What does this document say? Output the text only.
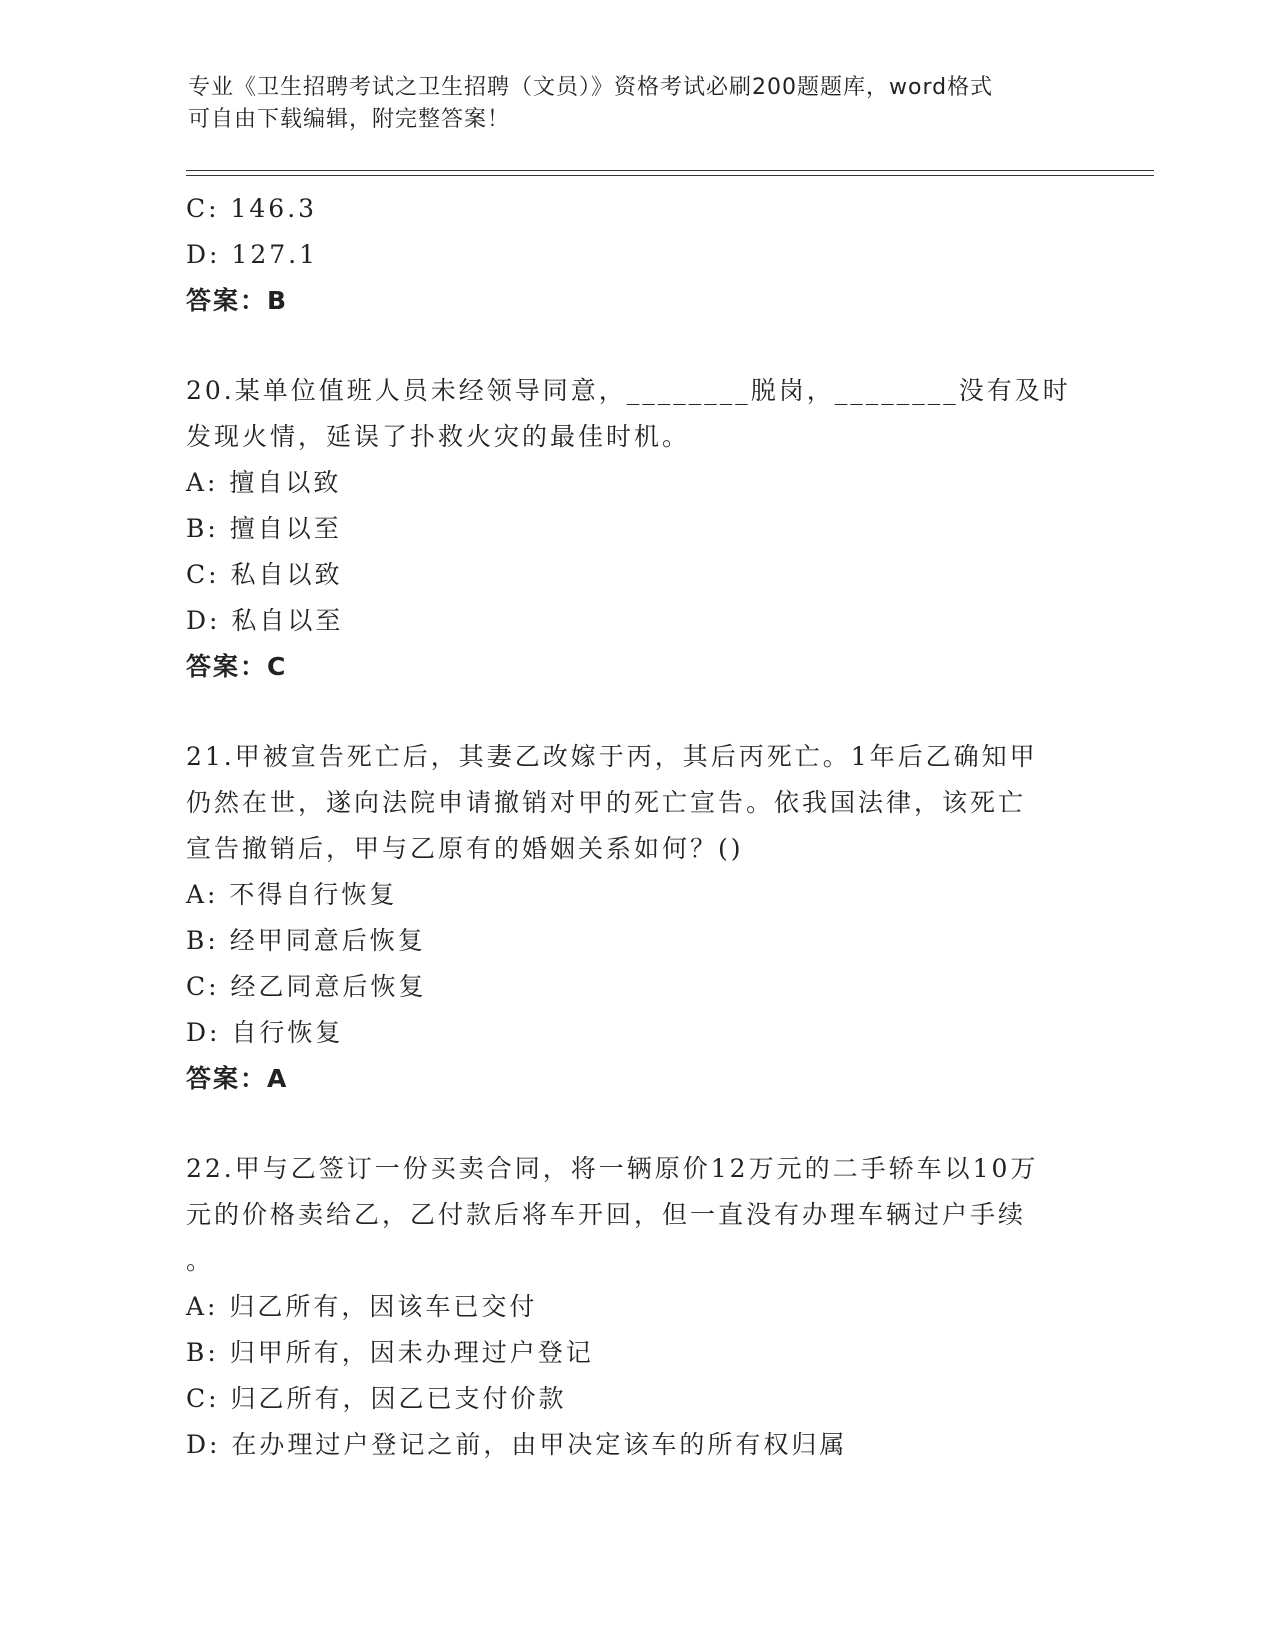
专业《卫生招聘考试之卫生招聘（文员）》资格考试必刷200题题库，word格式
可自由下载编辑，附完整答案！
C: 146.3
D: 127.1
答案：B
20.某单位值班人员未经领导同意，________脱岗，________没有及时
发现火情，延误了扑救火灾的最佳时机。
A: 擅自以致
B: 擅自以至
C: 私自以致
D: 私自以至
答案：C
21.甲被宣告死亡后，其妻乙改嫁于丙，其后丙死亡。1年后乙确知甲
仍然在世，遂向法院申请撤销对甲的死亡宣告。依我国法律，该死亡
宣告撤销后，甲与乙原有的婚姻关系如何？()
A: 不得自行恢复
B: 经甲同意后恢复
C: 经乙同意后恢复
D: 自行恢复
答案：A
22.甲与乙签订一份买卖合同，将一辆原价12万元的二手轿车以10万
元的价格卖给乙，乙付款后将车开回，但一直没有办理车辆过户手续
。
A: 归乙所有，因该车已交付
B: 归甲所有，因未办理过户登记
C: 归乙所有，因乙已支付价款
D: 在办理过户登记之前，由甲决定该车的所有权归属
